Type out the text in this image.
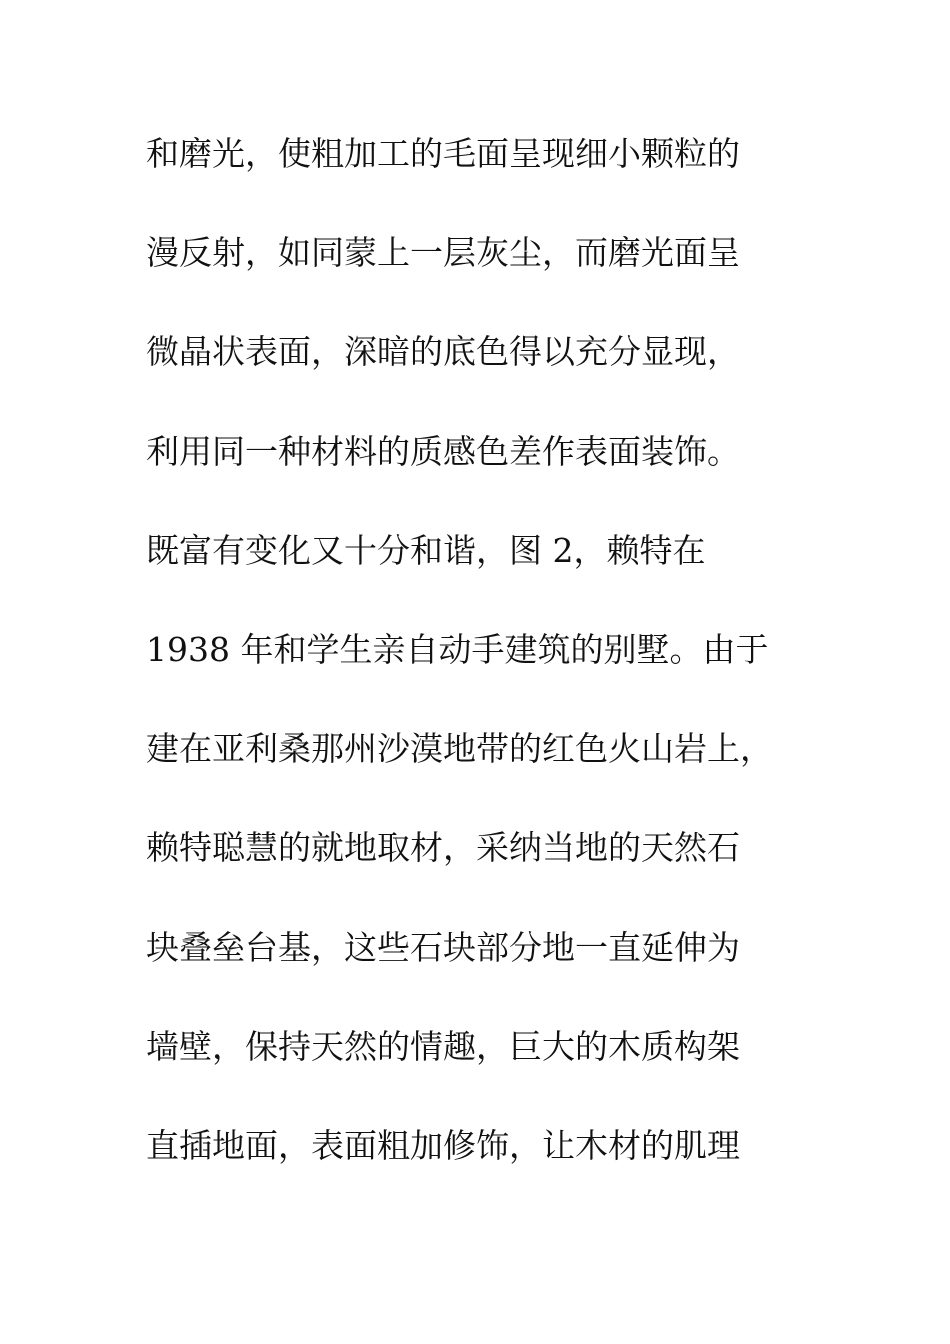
和磨光，使粗加工的毛面呈现细小颗粒的
漫反射，如同蒙上一层灰尘，而磨光面呈
微晶状表面，深暗的底色得以充分显现，
利用同一种材料的质感色差作表面装饰。
既富有变化又十分和谐，图 2，赖特在
1938 年和学生亲自动手建筑的别墅。由于
建在亚利桑那州沙漠地带的红色火山岩上，
赖特聪慧的就地取材，采纳当地的天然石
块叠垒台基，这些石块部分地一直延伸为
墙壁，保持天然的情趣，巨大的木质构架
直插地面，表面粗加修饰，让木材的肌理
